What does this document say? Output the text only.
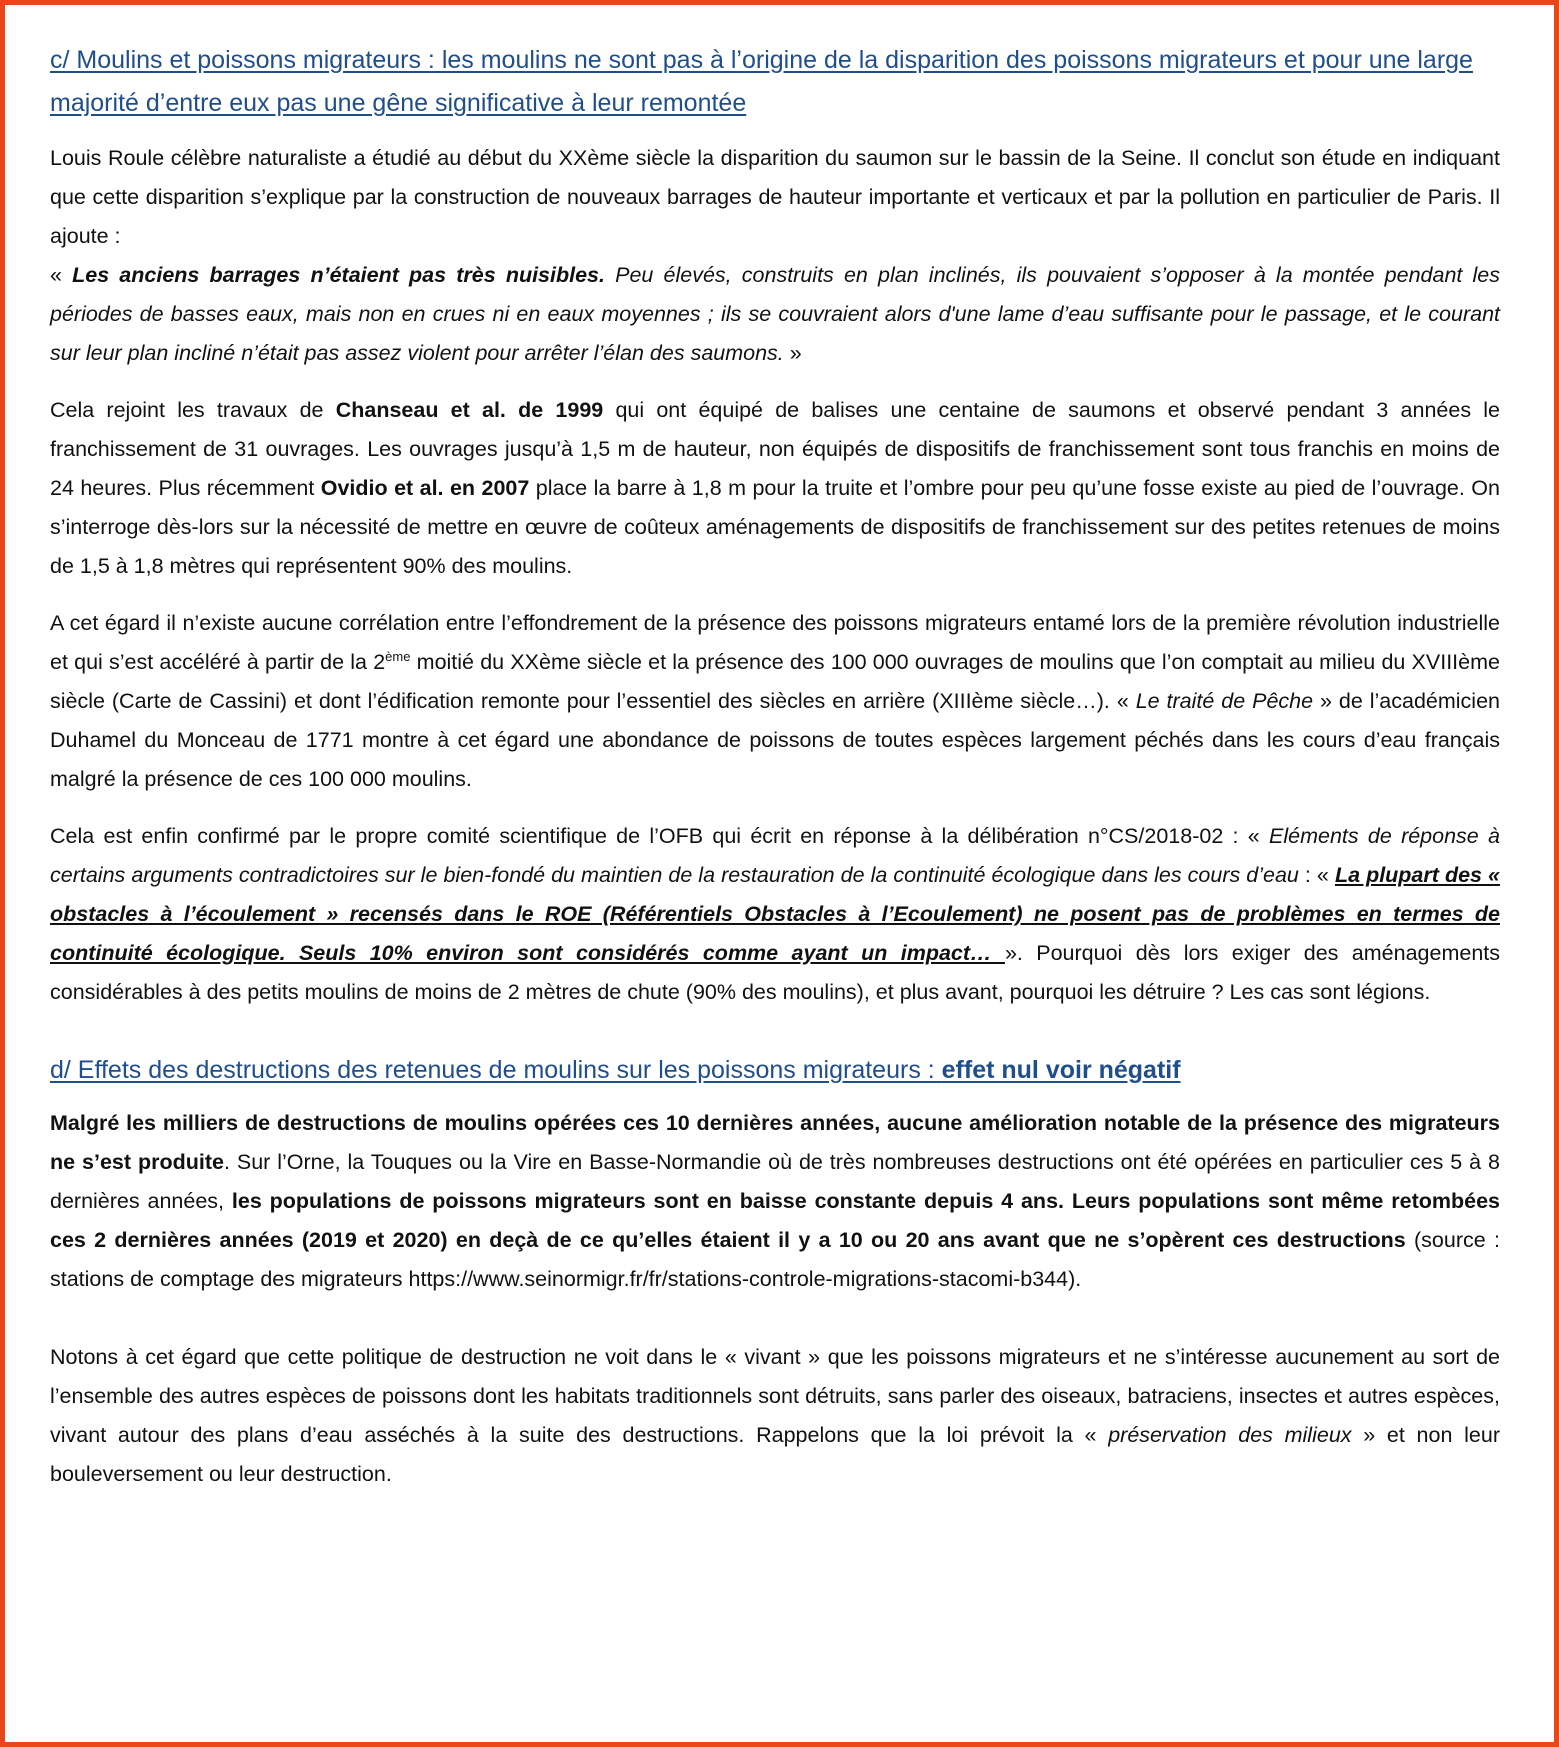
c/ Moulins et poissons migrateurs : les moulins ne sont pas à l’origine de la disparition des poissons migrateurs et pour une large majorité d’entre eux pas une gêne significative à leur remontée

Louis Roule célèbre naturaliste a étudié au début du XXème siècle la disparition du saumon sur le bassin de la Seine. Il conclut son étude en indiquant que cette disparition s’explique par la construction de nouveaux barrages de hauteur importante et verticaux et par la pollution en particulier de Paris. Il ajoute :
« Les anciens barrages n’étaient pas très nuisibles. Peu élevés, construits en plan inclinés, ils pouvaient s’opposer à la montée pendant les périodes de basses eaux, mais non en crues ni en eaux moyennes ; ils se couvraient alors d'une lame d’eau suffisante pour le passage, et le courant sur leur plan incliné n’était pas assez violent pour arrêter l’élan des saumons. »

Cela rejoint les travaux de Chanseau et al. de 1999 qui ont équipé de balises une centaine de saumons et observé pendant 3 années le franchissement de 31 ouvrages. Les ouvrages jusqu’à 1,5 m de hauteur, non équipés de dispositifs de franchissement sont tous franchis en moins de 24 heures. Plus récemment Ovidio et al. en 2007 place la barre à 1,8 m pour la truite et l’ombre pour peu qu’une fosse existe au pied de l’ouvrage. On s’interroge dès-lors sur la nécessité de mettre en œuvre de coûteux aménagements de dispositifs de franchissement sur des petites retenues de moins de 1,5 à 1,8 mètres qui représentent 90% des moulins.

A cet égard il n’existe aucune corrélation entre l’effondrement de la présence des poissons migrateurs entamé lors de la première révolution industrielle et qui s’est accéléré à partir de la 2ème moitié du XXème siècle et la présence des 100 000 ouvrages de moulins que l’on comptait au milieu du XVIIIème siècle (Carte de Cassini) et dont l’édification remonte pour l’essentiel des siècles en arrière (XIIIème siècle…). « Le traité de Pêche » de l’académicien Duhamel du Monceau de 1771 montre à cet égard une abondance de poissons de toutes espèces largement péchés dans les cours d’eau français malgré la présence de ces 100 000 moulins.

Cela est enfin confirmé par le propre comité scientifique de l’OFB qui écrit en réponse à la délibération n°CS/2018-02 : « Eléments de réponse à certains arguments contradictoires sur le bien-fondé du maintien de la restauration de la continuité écologique dans les cours d’eau : « La plupart des « obstacles à l’écoulement » recensés dans le ROE (Référentiels Obstacles à l’Ecoulement) ne posent pas de problèmes en termes de continuité écologique. Seuls 10% environ sont considérés comme ayant un impact… ». Pourquoi dès lors exiger des aménagements considérables à des petits moulins de moins de 2 mètres de chute (90% des moulins), et plus avant, pourquoi les détruire ? Les cas sont légions.

d/ Effets des destructions des retenues de moulins sur les poissons migrateurs : effet nul voir négatif

Malgré les milliers de destructions de moulins opérées ces 10 dernières années, aucune amélioration notable de la présence des migrateurs ne s’est produite. Sur l’Orne, la Touques ou la Vire en Basse-Normandie où de très nombreuses destructions ont été opérées en particulier ces 5 à 8 dernières années, les populations de poissons migrateurs sont en baisse constante depuis 4 ans. Leurs populations sont même retombées ces 2 dernières années (2019 et 2020) en deçà de ce qu’elles étaient il y a 10 ou 20 ans avant que ne s’opèrent ces destructions (source : stations de comptage des migrateurs https://www.seinormigr.fr/fr/stations-controle-migrations-stacomi-b344).

Notons à cet égard que cette politique de destruction ne voit dans le « vivant » que les poissons migrateurs et ne s’intéresse aucunement au sort de l’ensemble des autres espèces de poissons dont les habitats traditionnels sont détruits, sans parler des oiseaux, batraciens, insectes et autres espèces, vivant autour des plans d’eau asséchés à la suite des destructions. Rappelons que la loi prévoit la « préservation des milieux » et non leur bouleversement ou leur destruction.
